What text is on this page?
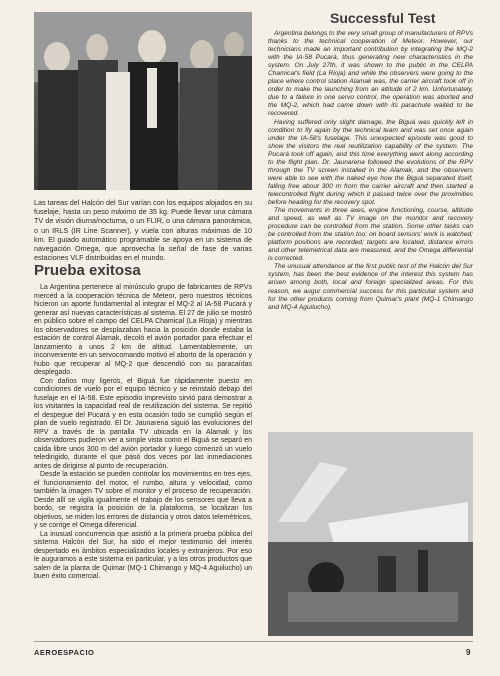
Las tareas del Halcón del Sur varían con los equipos alojados en su fuselaje, hasta un peso máximo de 35 kg. Puede llevar una cámara TV de visión diurna/nocturna, o un FLIR, o una cámara panorámica, o un IRLS (IR Line Scanner), y vuela con alturas máximas de 10 km. El guiado automático programable se apoya en un sistema de navegación Omega, que aprovecha la señal de fase de varias estaciones VLF distribuidas en el mundo.

Prueba exitosa

La Argentina pertenece al minúsculo grupo de fabricantes de RPVs merced a la cooperación técnica de Meteor, pero nuestros técnicos hicieron un aporte fundamental al integrar el MQ-2 al IA-58 Pucará y generar así nuevas características al sistema. El 27 de julio se mostró en público sobre el campo del CELPA Chamical (La Rioja) y mientras los observadores se desplazaban hacia la posición donde estaba la estación de control Alamak, decoló el avión portador para efectuar el lanzamiento a unos 2 km de altitud. Lamentablemente, un inconveniente en un servocomando motivó el aborto de la operación y hubo que recuperar al MQ-2 que descendió con su paracaídas desplegado.

Con daños muy ligeros, el Biguá fue rápidamente puesto en condiciones de vuelo por el equipo técnico y se reinstaló debajo del fuselaje en el IA-58. Este episodio imprevisto sirvió para demostrar a los visitantes la capacidad real de reutilización del sistema. Se repitió el despegue del Pucará y en esta ocasión todo se cumplió según el plan de vuelo registrado. El Dr. Jaunarena siguió las evoluciones del RPV a través de la pantalla TV ubicada en la Alamak y los observadores pudieron ver a simple vista como el Biguá se separó en caída libre unos 300 m del avión portador y luego comenzó un vuelo teledirigido, durante el que pasó dos veces por las inmediaciones antes de dirigirse al punto de recuperación.

Desde la estación se pueden controlar los movimientos en tres ejes, el funcionamiento del motor, el rumbo, altura y velocidad, como también la imagen TV sobre el monitor y el proceso de recuperación. Desde allí se vigila igualmente el trabajo de los sensores que lleva a bordo, se registra la posición de la plataforma, se localizan los objetivos, se miden los errores de distancia y otros datos telemétricos, y se corrige el Omega diferencial.

La inusual concurrencia que asistió a la primera prueba pública del sistema Halcón del Sur, ha sido el mejor testimonio del interés despertado en ámbitos especializados locales y extranjeros. Por eso le auguramos a este sistema en particular, y a los otros productos que salen de la planta de Quimar (MQ-1 Chimango y MQ-4 Aguilucho) un buen éxito comercial.

Successful Test

Argentina belongs to the very small group of manufacturers of RPVs thanks to the technical cooperation of Meteor. However, our technicians made an important contribution by integrating the MQ-2 with the IA-58 Pucará, thus generating new characteristics in the system. On July 27th, it was shown to the public in the CELPA Chamical's field (La Rioja) and while the observers were going to the place where control station Alamak was, the carrier aircraft took off in order to make the launching from an altitude of 2 km. Unfortunately, due to a failure in one servo control, the operation was aborted and the MQ-2, which had came down with its parachute waited to be recovered.

Having suffered only slight damage, the Biguá was quickly left in condition to fly again by the technical team and was set once again under the IA-58's fuselage. This unexpected episode was good to show the visitors the real reutilization capability of the system. The Pucará took off again, and this time everything went along according to the flight plan. Dr. Jaunarena followed the evolutions of the RPV through the TV screen installed in the Alamak, and the observers were able to see with the naked eye how the Biguá separated itself, falling free about 300 m from the carrier aircraft and then started a telecontrolled flight during which it passed twice over the proximities before heading for the recovery spot.

The movements in three axes, engine functioning, course, altitude and speed, as well as TV image on the monitor and recovery procedure can be controlled from the station. Some other tasks can be controlled from the station too: on board sensors' work is watched; platform positions are recorded; targets are located, distance errors and other telemetrical data are measured, and the Omega differential is corrected.

The unusual attendance at the first public test of the Halcón del Sur system, has been the best evidence of the interest this system has arisen among both, local and foreign specialized areas. For this reason, we augur commercial success for this particular system and for the other products coming from Quimar's plant (MQ-1 Chimango and MQ-4 Aguilucho).

AEROESPACIO	9
